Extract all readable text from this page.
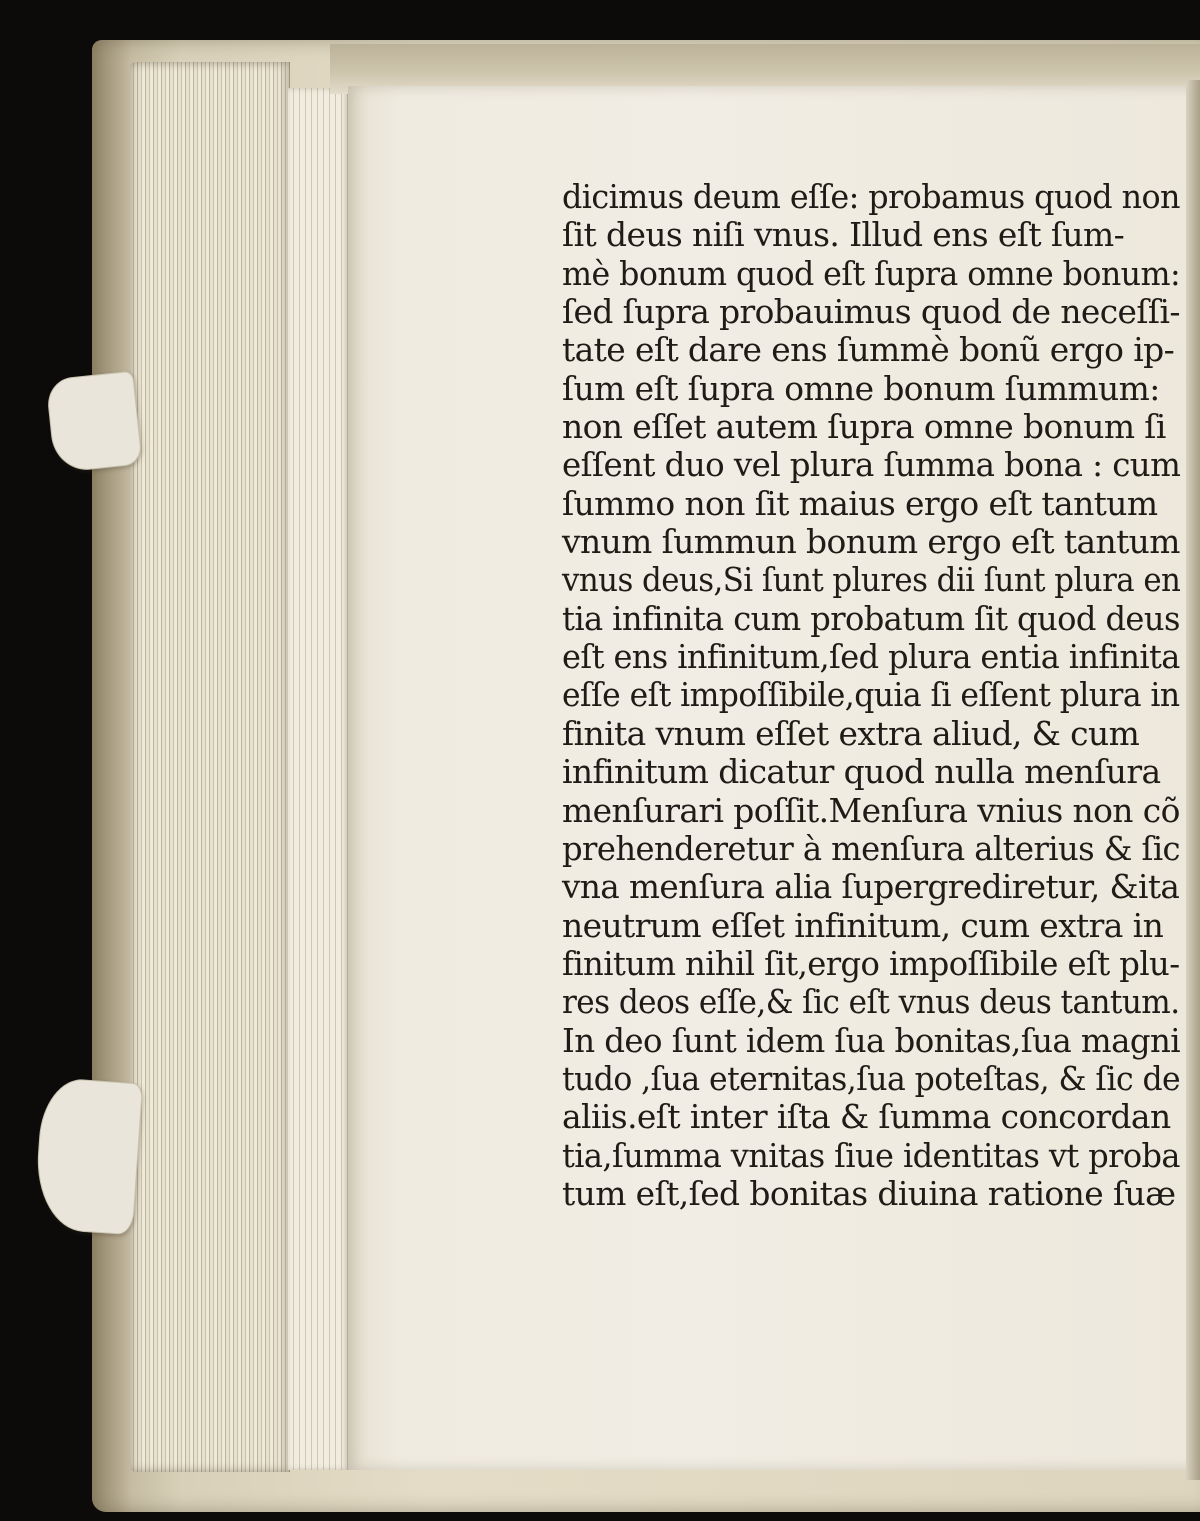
dicimus deum eſſe: probamus quod non
ſit deus niſi vnus. Illud ens eſt ſum-
mè bonum quod eſt ſupra omne bonum:
ſed ſupra probauimus quod de neceſſi-
tate eſt dare ens ſummè bonũ ergo ip-
ſum eſt ſupra omne bonum ſummum:
non eſſet autem ſupra omne bonum ſi
eſſent duo vel plura ſumma bona : cum
ſummo non ſit maius ergo eſt tantum
vnum ſummun bonum ergo eſt tantum
vnus deus,Si ſunt plures dii ſunt plura en
tia infinita cum probatum ſit quod deus
eſt ens infinitum,ſed plura entia infinita
eſſe eſt impoſſibile,quia ſi eſſent plura in
finita vnum eſſet extra aliud, & cum
infinitum dicatur quod nulla menſura
menſurari poſſit.Menſura vnius non cõ
prehenderetur à menſura alterius & ſic
vna menſura alia ſupergrediretur, &ita
neutrum eſſet infinitum, cum extra in
finitum nihil ſit,ergo impoſſibile eſt plu-
res deos eſſe,& ſic eſt vnus deus tantum.
In deo ſunt idem ſua bonitas,ſua magni
tudo ,ſua eternitas,ſua poteſtas, & ſic de
aliis.eſt inter iſta & ſumma concordan
tia,ſumma vnitas ſiue identitas vt proba
tum eſt,ſed bonitas diuina ratione ſuæ
